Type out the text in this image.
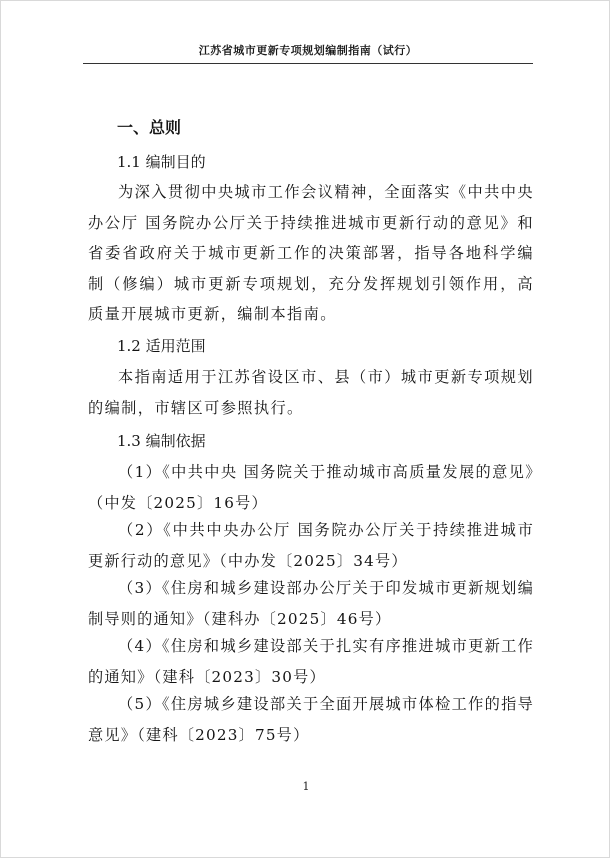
江苏省城市更新专项规划编制指南（试行）
一、总则
1.1 编制目的

为深入贯彻中央城市工作会议精神，全面落实《中共中央办公厅 国务院办公厅关于持续推进城市更新行动的意见》和省委省政府关于城市更新工作的决策部署，指导各地科学编制（修编）城市更新专项规划，充分发挥规划引领作用，高质量开展城市更新，编制本指南。

1.2 适用范围

本指南适用于江苏省设区市、县（市）城市更新专项规划的编制，市辖区可参照执行。

1.3 编制依据

（1）《中共中央 国务院关于推动城市高质量发展的意见》（中发〔2025〕16号）

（2）《中共中央办公厅 国务院办公厅关于持续推进城市更新行动的意见》（中办发〔2025〕34号）

（3）《住房和城乡建设部办公厅关于印发城市更新规划编制导则的通知》（建科办〔2025〕46号）

（4）《住房和城乡建设部关于扎实有序推进城市更新工作的通知》（建科〔2023〕30号）

（5）《住房城乡建设部关于全面开展城市体检工作的指导意见》（建科〔2023〕75号）

1
